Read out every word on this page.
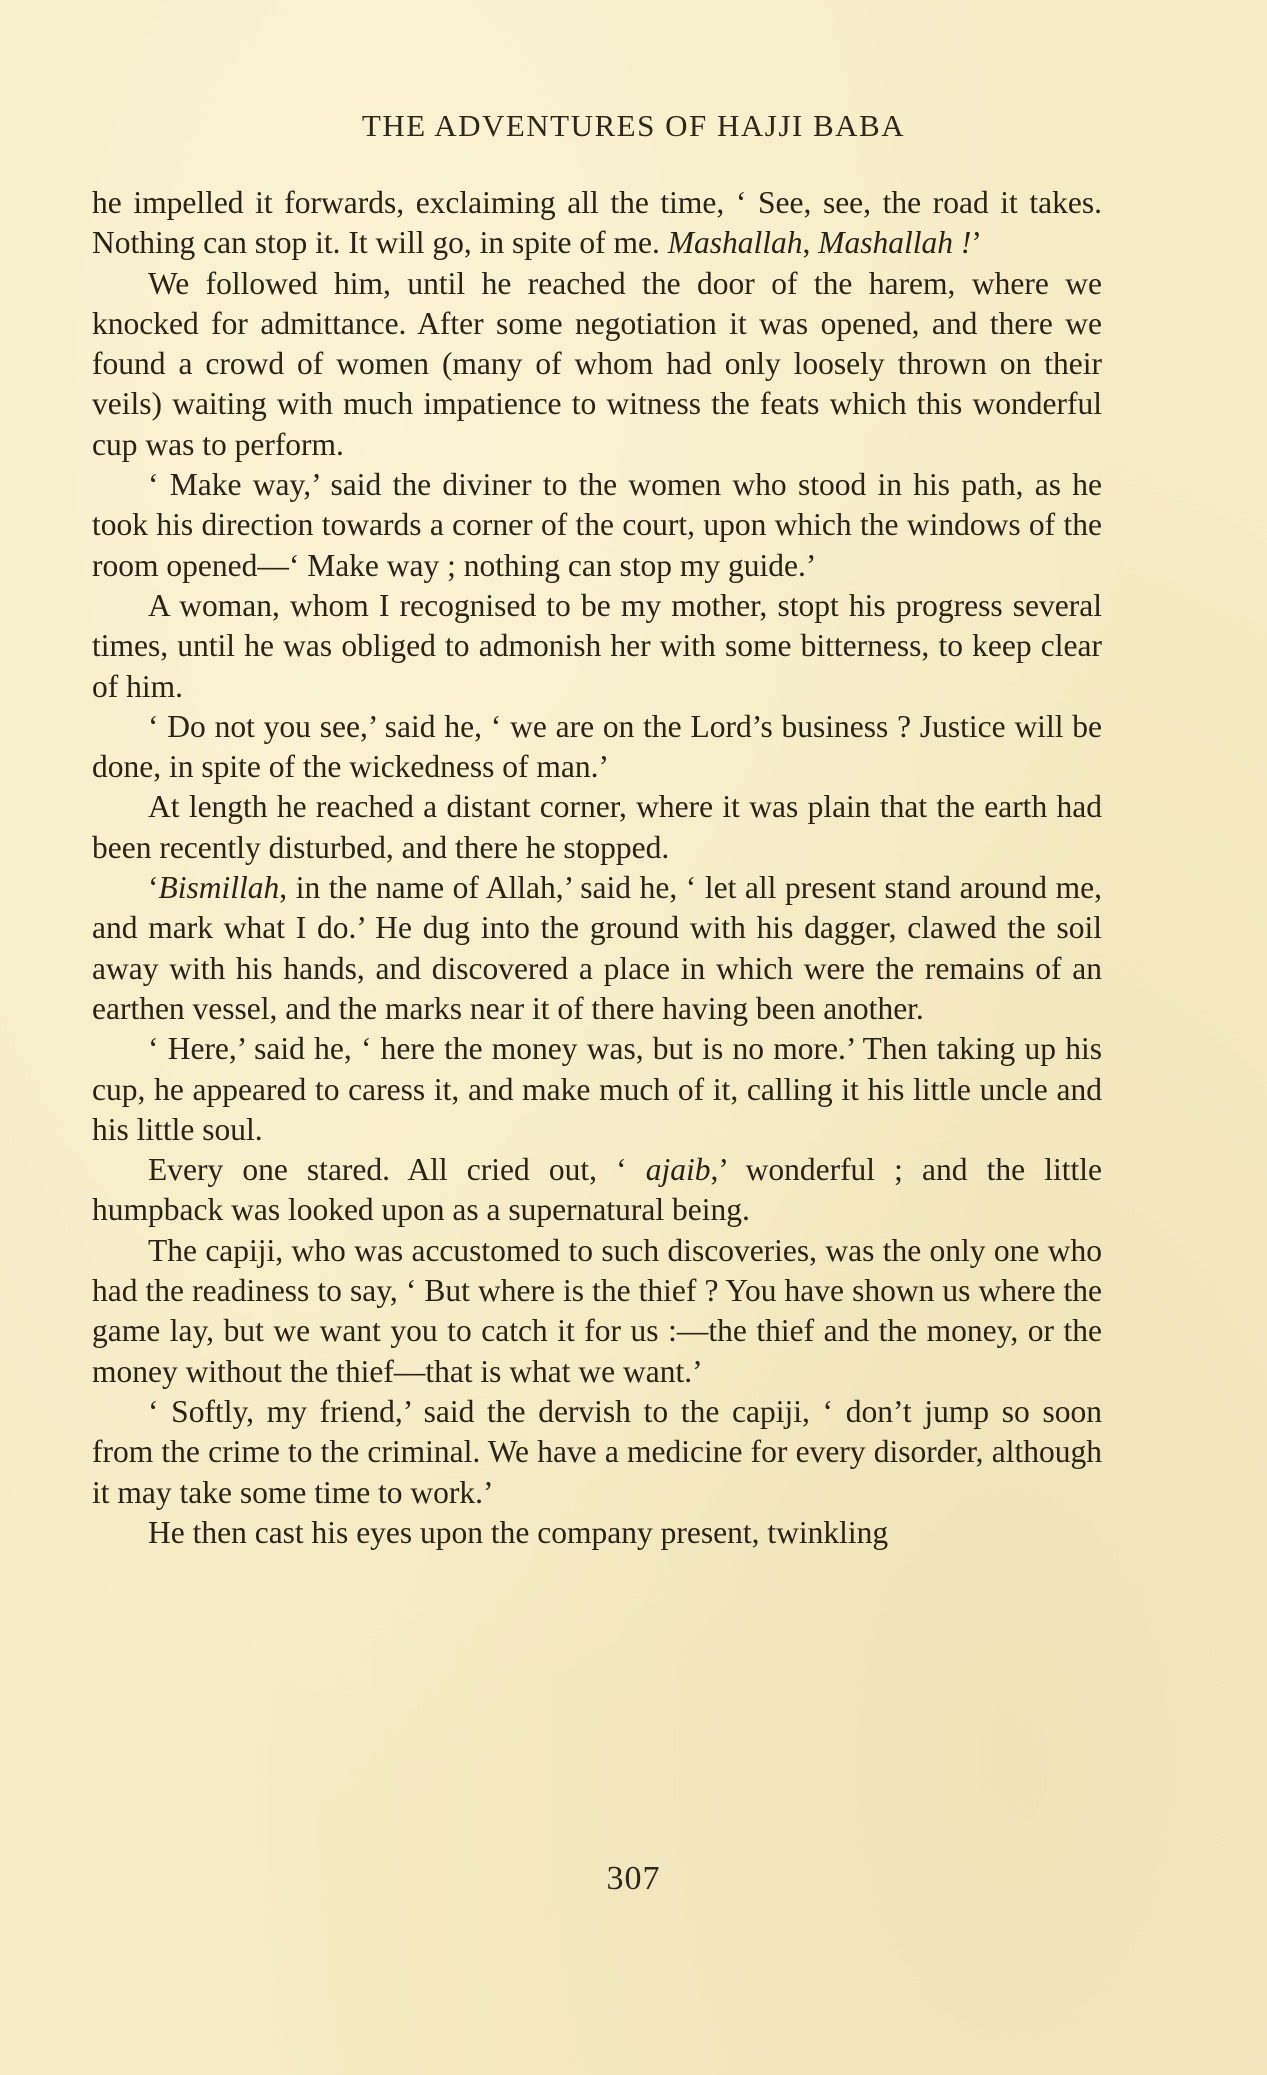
THE ADVENTURES OF HAJJI BABA

he impelled it forwards, exclaiming all the time, ‘ See, see, the road it takes. Nothing can stop it. It will go, in spite of me. Mashallah, Mashallah !’

We followed him, until he reached the door of the harem, where we knocked for admittance. After some negotiation it was opened, and there we found a crowd of women (many of whom had only loosely thrown on their veils) waiting with much impatience to witness the feats which this wonderful cup was to perform.

‘ Make way,’ said the diviner to the women who stood in his path, as he took his direction towards a corner of the court, upon which the windows of the room opened—‘ Make way ; nothing can stop my guide.’

A woman, whom I recognised to be my mother, stopt his progress several times, until he was obliged to admonish her with some bitterness, to keep clear of him.

‘ Do not you see,’ said he, ‘ we are on the Lord’s business ? Justice will be done, in spite of the wickedness of man.’

At length he reached a distant corner, where it was plain that the earth had been recently disturbed, and there he stopped.

‘Bismillah, in the name of Allah,’ said he, ‘ let all present stand around me, and mark what I do.’ He dug into the ground with his dagger, clawed the soil away with his hands, and discovered a place in which were the remains of an earthen vessel, and the marks near it of there having been another.

‘ Here,’ said he, ‘ here the money was, but is no more.’ Then taking up his cup, he appeared to caress it, and make much of it, calling it his little uncle and his little soul.

Every one stared. All cried out, ‘ ajaib,’ wonderful ; and the little humpback was looked upon as a supernatural being.

The capiji, who was accustomed to such discoveries, was the only one who had the readiness to say, ‘ But where is the thief ? You have shown us where the game lay, but we want you to catch it for us :—the thief and the money, or the money without the thief—that is what we want.’

‘ Softly, my friend,’ said the dervish to the capiji, ‘ don’t jump so soon from the crime to the criminal. We have a medicine for every disorder, although it may take some time to work.’

He then cast his eyes upon the company present, twinkling

307
